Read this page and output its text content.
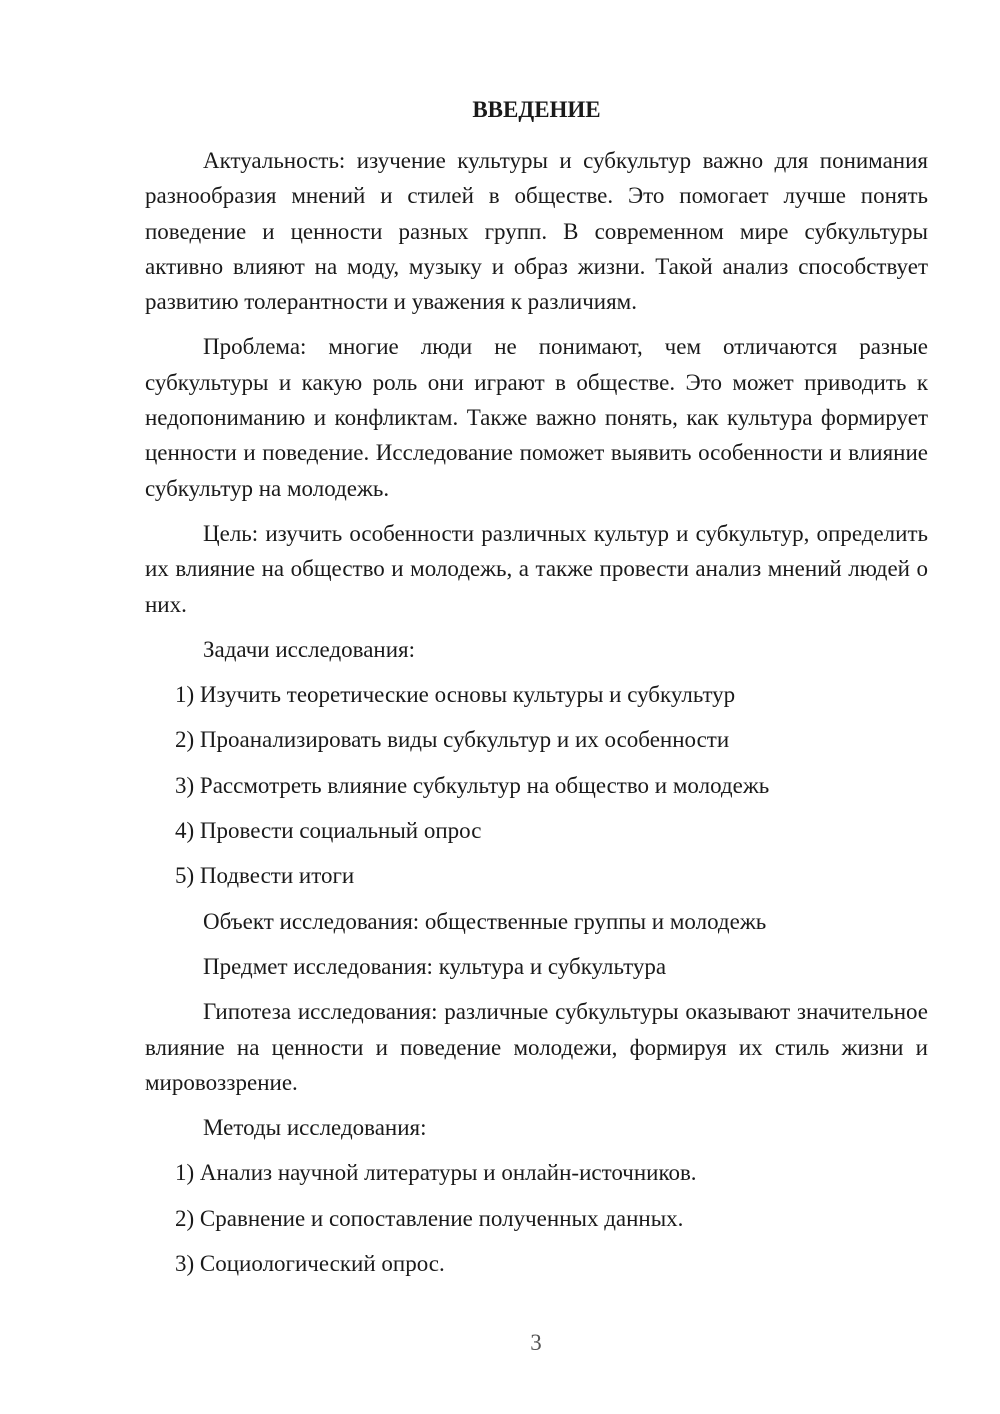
ВВЕДЕНИЕ

Актуальность: изучение культуры и субкультур важно для понимания разнообразия мнений и стилей в обществе. Это помогает лучше понять поведение и ценности разных групп. В современном мире субкультуры активно влияют на моду, музыку и образ жизни. Такой анализ способствует развитию толерантности и уважения к различиям.

Проблема: многие люди не понимают, чем отличаются разные субкультуры и какую роль они играют в обществе. Это может приводить к недопониманию и конфликтам. Также важно понять, как культура формирует ценности и поведение. Исследование поможет выявить особенности и влияние субкультур на молодежь.

Цель: изучить особенности различных культур и субкультур, определить их влияние на общество и молодежь, а также провести анализ мнений людей о них.

Задачи исследования:
1) Изучить теоретические основы культуры и субкультур
2) Проанализировать виды субкультур и их особенности
3) Рассмотреть влияние субкультур на общество и молодежь
4) Провести социальный опрос
5) Подвести итоги
Объект исследования: общественные группы и молодежь
Предмет исследования: культура и субкультура

Гипотеза исследования: различные субкультуры оказывают значительное влияние на ценности и поведение молодежи, формируя их стиль жизни и мировоззрение.

Методы исследования:
1) Анализ научной литературы и онлайн-источников.
2) Сравнение и сопоставление полученных данных.
3) Социологический опрос.
3
